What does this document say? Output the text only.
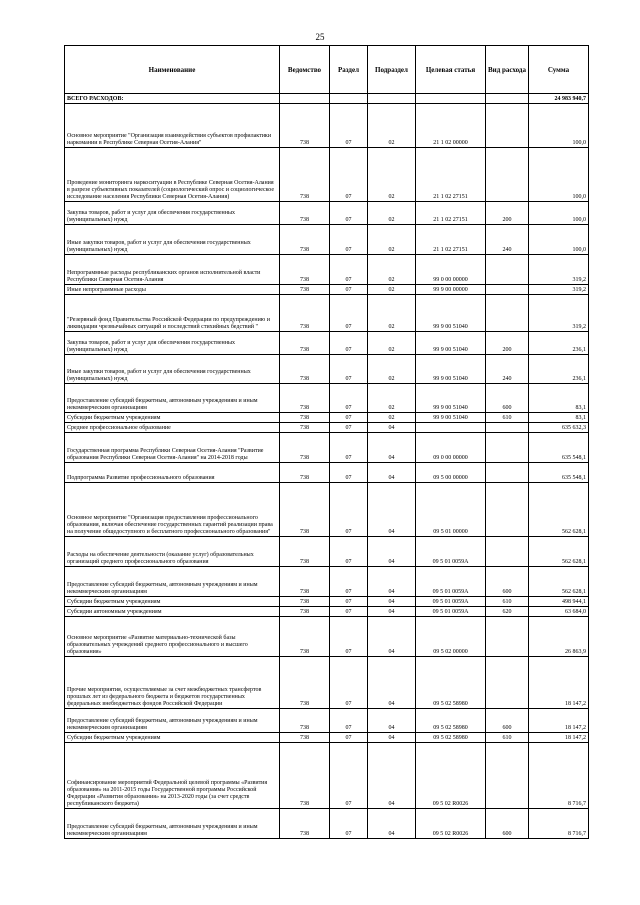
25
Наименование	Ведомство	Раздел	Подраздел	Целевая статья	Вид расхода	Сумма
ВСЕГО РАСХОДОВ:						24 983 940,7
Основное мероприятие "Организация взаимодействия субъектов профилактики наркомании в Республике Северная Осетия-Алания"	738	07	02	21 1 02 00000		100,0
Проведение мониторинга наркоситуации в Республике Северная Осетия-Алания в разрезе субъективных показателей (социологический опрос и социологическое исследование населения Республики Северная Осетия-Алания)	738	07	02	21 1 02 27151		100,0
Закупка товаров, работ и услуг для обеспечения государственных (муниципальных) нужд	738	07	02	21 1 02 27151	200	100,0
Иные закупки товаров, работ и услуг для обеспечения государственных (муниципальных) нужд	738	07	02	21 1 02 27151	240	100,0
Непрограммные расходы республиканских органов исполнительной власти Республики Северная Осетия-Алания	738	07	02	99 0 00 00000		319,2
Иные непрограммные расходы	738	07	02	99 9 00 00000		319,2
"Резервный фонд Правительства Российской Федерации по предупреждению и ликвидации чрезвычайных ситуаций и последствий стихийных бедствий "	738	07	02	99 9 00 51040		319,2
Закупка товаров, работ и услуг для обеспечения государственных (муниципальных) нужд	738	07	02	99 9 00 51040	200	236,1
Иные закупки товаров, работ и услуг для обеспечения государственных (муниципальных) нужд	738	07	02	99 9 00 51040	240	236,1
Предоставление субсидий бюджетным, автономным учреждениям и иным некоммерческим организациям	738	07	02	99 9 00 51040	600	83,1
Субсидии бюджетным учреждениям	738	07	02	99 9 00 51040	610	83,1
Среднее профессиональное образование	738	07	04			635 632,3
Государственная программа Республики Северная Осетия-Алания "Развитие образования Республики Северная Осетия-Алания" на 2014-2018 годы	738	07	04	09 0 00 00000		635 548,1
Подпрограмма Развитие профессионального образования	738	07	04	09 5 00 00000		635 548,1
Основное мероприятие "Организация предоставления профессионального образования, включая обеспечение государственных гарантий реализации права на получение общедоступного и бесплатного профессионального образования"	738	07	04	09 5 01 00000		562 628,1
Расходы на обеспечение деятельности (оказание услуг) образовательных организаций среднего профессионального образования	738	07	04	09 5 01 0059А		562 628,1
Предоставление субсидий бюджетным, автономным учреждениям и иным некоммерческим организациям	738	07	04	09 5 01 0059А	600	562 628,1
Субсидии бюджетным учреждениям	738	07	04	09 5 01 0059А	610	498 944,1
Субсидии автономным учреждениям	738	07	04	09 5 01 0059А	620	63 684,0
Основное мероприятие «Развитие материально-технической базы образовательных учреждений среднего профессионального и высшего образования»	738	07	04	09 5 02 00000		26 863,9
Прочие мероприятия, осуществляемые за счет межбюджетных трансфертов прошлых лет из федерального бюджета и бюджетов государственных федеральных внебюджетных фондов Российской Федерации	738	07	04	09 5 02 58980		18 147,2
Предоставление субсидий бюджетным, автономным учреждениям и иным некоммерческим организациям	738	07	04	09 5 02 58980	600	18 147,2
Субсидии бюджетным учреждениям	738	07	04	09 5 02 58980	610	18 147,2
Софинансирование мероприятий Федеральной целевой программы «Развития образования» на 2011-2015 годы Государственной программы Российской Федерации «Развития образования» на 2013-2020 годы (за счет средств республиканского бюджета)	738	07	04	09 5 02 R0026		8 716,7
Предоставление субсидий бюджетным, автономным учреждениям и иным некоммерческим организациям	738	07	04	09 5 02 R0026	600	8 716,7
